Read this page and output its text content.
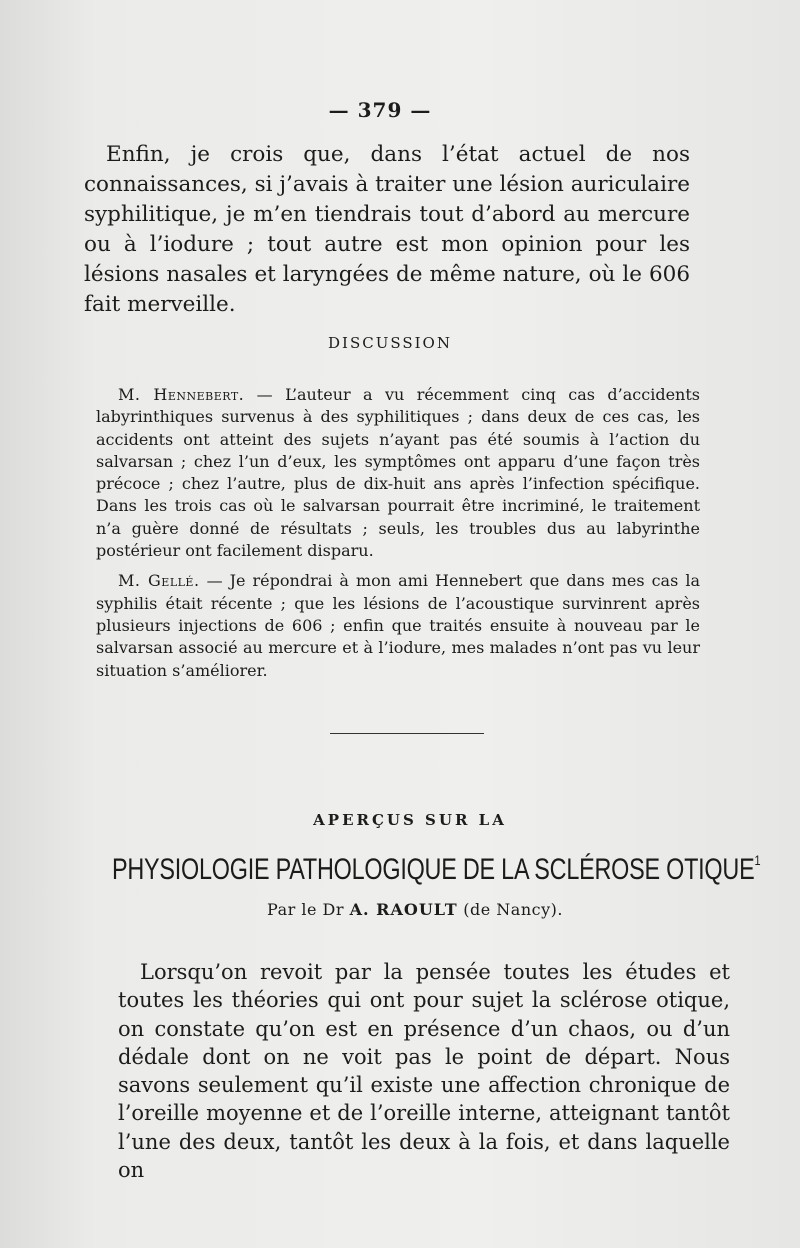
— 379 —

Enfin, je crois que, dans l’état actuel de nos connaissances, si j’avais à traiter une lésion auriculaire syphilitique, je m’en tiendrais tout d’abord au mercure ou à l’iodure ; tout autre est mon opinion pour les lésions nasales et laryngées de même nature, où le 606 fait merveille.

DISCUSSION

M. Hennebert. — L’auteur a vu récemment cinq cas d’accidents labyrinthiques survenus à des syphilitiques ; dans deux de ces cas, les accidents ont atteint des sujets n’ayant pas été soumis à l’action du salvarsan ; chez l’un d’eux, les symptômes ont apparu d’une façon très précoce ; chez l’autre, plus de dix-huit ans après l’infection spécifique. Dans les trois cas où le salvarsan pourrait être incriminé, le traitement n’a guère donné de résultats ; seuls, les troubles dus au labyrinthe postérieur ont facilement disparu.

M. Gellé. — Je répondrai à mon ami Hennebert que dans mes cas la syphilis était récente ; que les lésions de l’acoustique survinrent après plusieurs injections de 606 ; enfin que traités ensuite à nouveau par le salvarsan associé au mercure et à l’iodure, mes malades n’ont pas vu leur situation s’améliorer.

APERÇUS SUR LA
PHYSIOLOGIE PATHOLOGIQUE DE LA SCLÉROSE OTIQUE$^1$
Par le Dr A. RAOULT (de Nancy).

Lorsqu’on revoit par la pensée toutes les études et toutes les théories qui ont pour sujet la sclérose otique, on constate qu’on est en présence d’un chaos, ou d’un dédale dont on ne voit pas le point de départ. Nous savons seulement qu’il existe une affection chronique de l’oreille moyenne et de l’oreille interne, atteignant tantôt l’une des deux, tantôt les deux à la fois, et dans laquelle on
